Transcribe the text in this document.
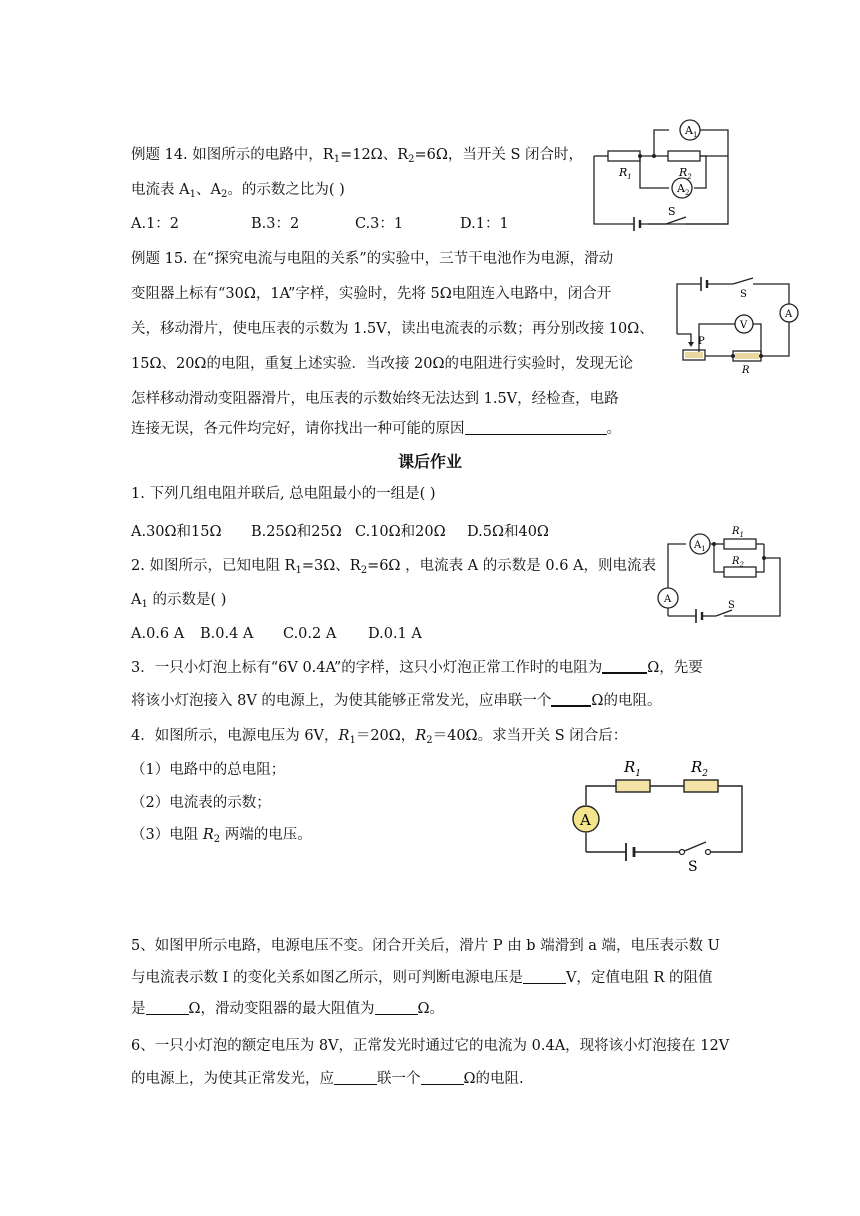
例题 14. 如图所示的电路中，$R_1=12\Omega$、$R_2=6\Omega$，当开关 S 闭合时，
电流表 $A_1$、$A_2$。的示数之比为( )
A.1：2	B.3：2	C.3：1	D.1：1
$R_1$	$R_2$
$A_1$
$A_2$
S
例题 15. 在“探究电流与电阻的关系”的实验中，三节干电池作为电源，滑动
变阻器上标有“30Ω，1A”字样，实验时，先将 5Ω电阻连入电路中，闭合开
关，移动滑片，使电压表的示数为 1.5V，读出电流表的示数；再分别改接 10Ω、
15Ω、20Ω的电阻，重复上述实验．当改接 20Ω的电阻进行实验时，发现无论
怎样移动滑动变阻器滑片，电压表的示数始终无法达到 1.5V，经检查，电路
连接无误，各元件均完好，请你找出一种可能的原因	。
S
A
V
P
R
课后作业
1. 下列几组电阻并联后, 总电阻最小的一组是( )
A.30Ω和15Ω B.25Ω和25Ω C.10Ω和20Ω D.5Ω和40Ω
2. 如图所示，已知电阻 $R_1=3\Omega$、$R_2=6\Omega$ ，电流表 A 的示数是 0.6 A，则电流表
$A_1$ 的示数是( )
A.0.6 A B.0.4 A C.0.2 A D.0.1 A
$R_1$
$R_2$
$A_1$
A
S
3．一只小灯泡上标有“6V 0.4A”的字样，这只小灯泡正常工作时的电阻为	Ω，先要
将该小灯泡接入 8V 的电源上，为使其能够正常发光，应串联一个	Ω的电阻。
4．如图所示，电源电压为 6V，$R_1=20\Omega$，$R_2=40\Omega$。求当开关 S 闭合后：
（1）电路中的总电阻；
（2）电流表的示数；
（3）电阻 $R_2$ 两端的电压。
A
$R_1$	$R_2$
S
5、如图甲所示电路，电源电压不变。闭合开关后，滑片 P 由 b 端滑到 a 端，电压表示数 U
与电流表示数 I 的变化关系如图乙所示，则可判断电源电压是	V，定值电阻 R 的阻值
是	Ω，滑动变阻器的最大阻值为	Ω。
6、一只小灯泡的额定电压为 8V，正常发光时通过它的电流为 0.4A，现将该小灯泡接在 12V
的电源上，为使其正常发光，应	联一个	Ω的电阻.
